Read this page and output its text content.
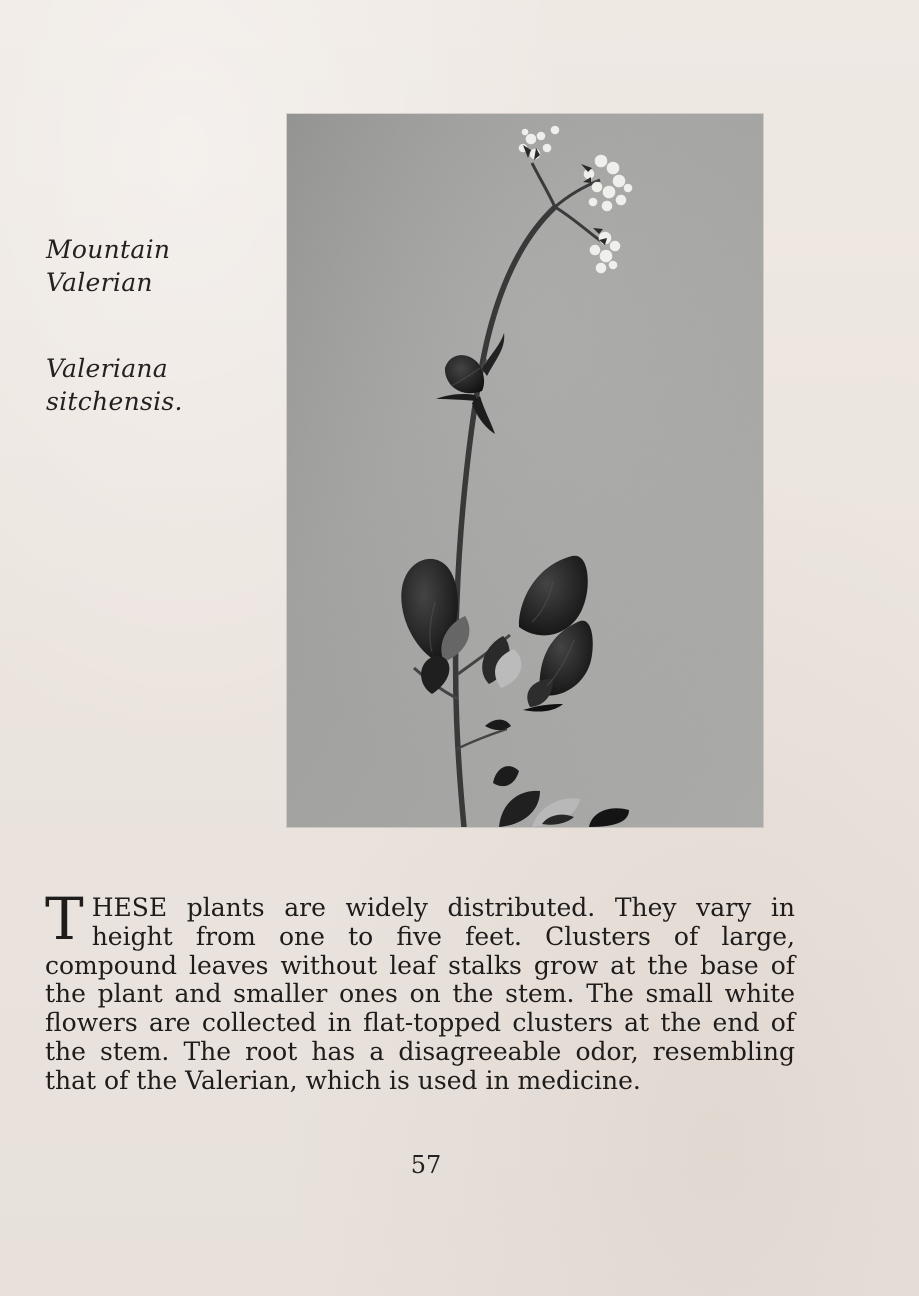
Mountain
Valerian
Valeriana
sitchensis.
THESE plants are widely distributed. They vary in height from one to five feet. Clusters of large, compound leaves without leaf stalks grow at the base of the plant and smaller ones on the stem. The small white flowers are collected in flat-topped clusters at the end of the stem. The root has a disagreeable odor, resembling that of the Valerian, which is used in medicine.
57
